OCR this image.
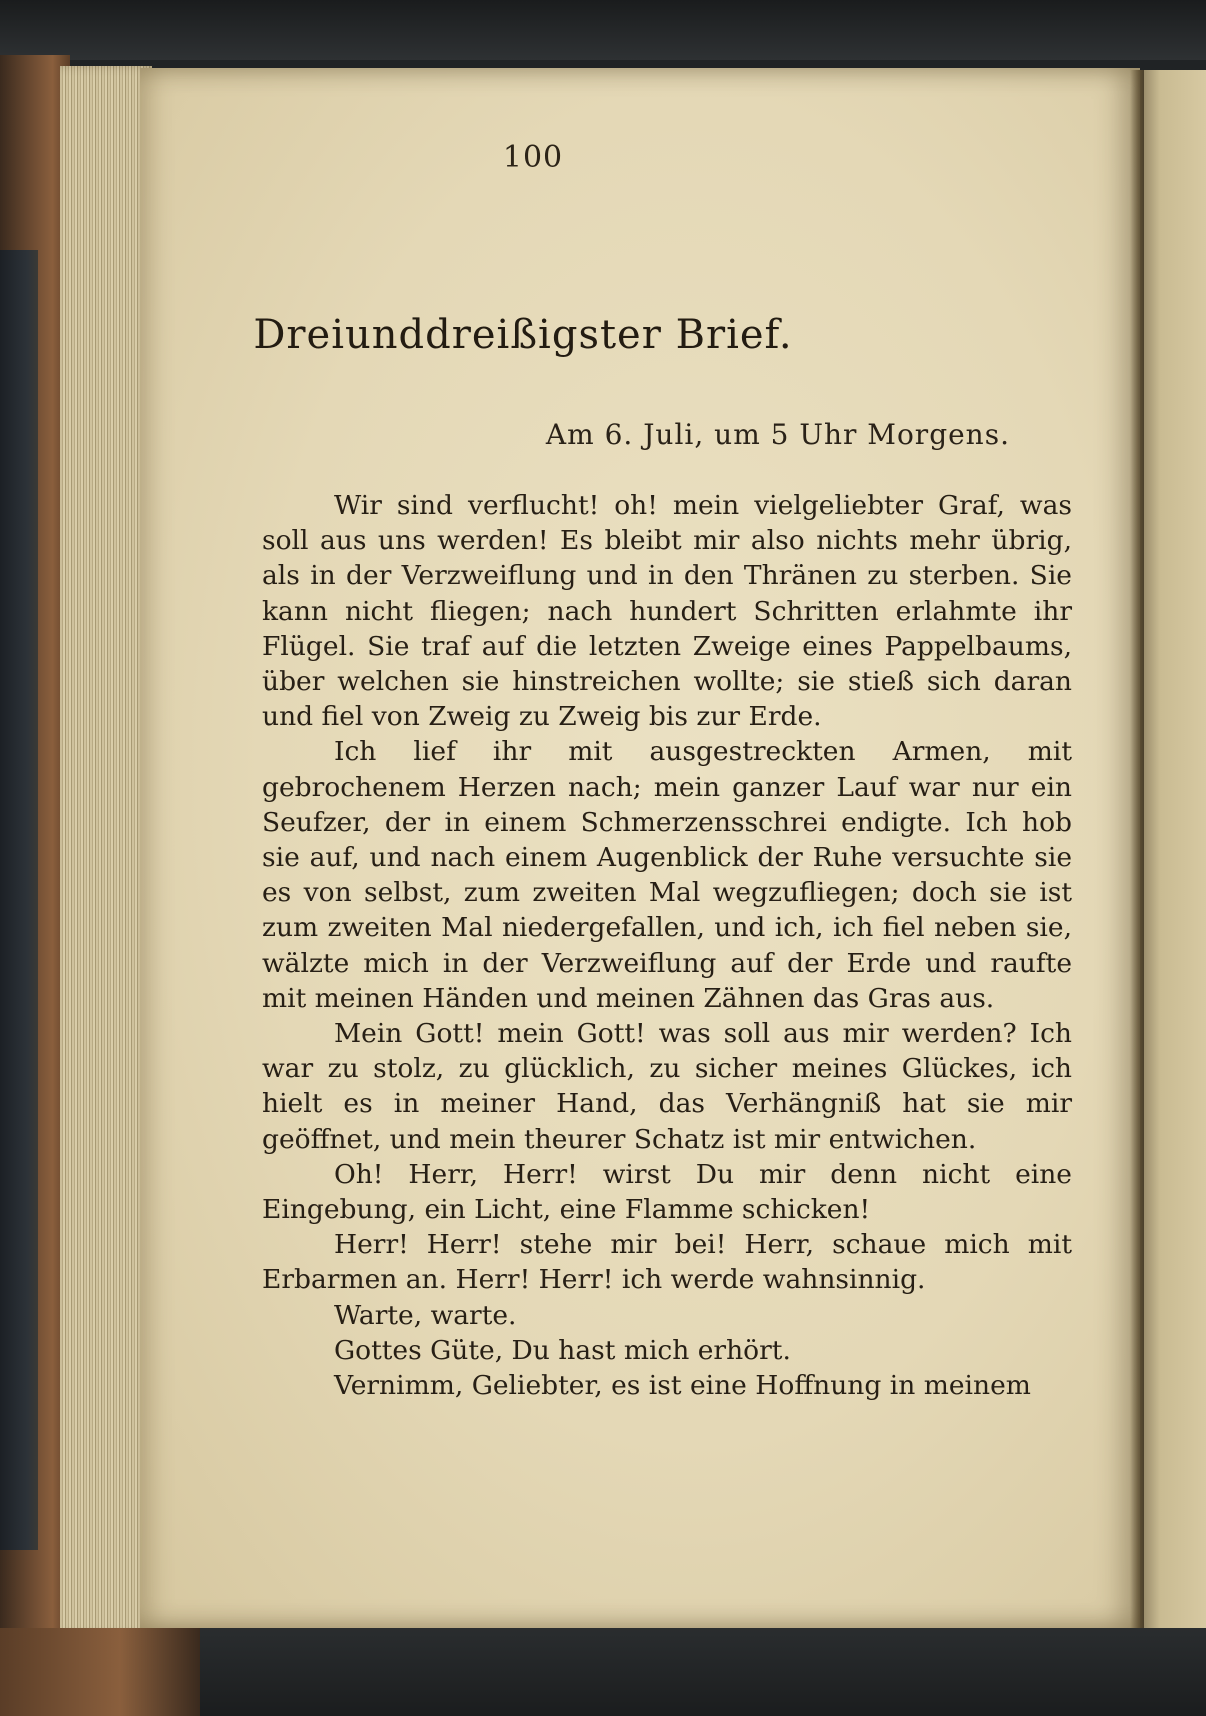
100
Dreiunddreißigster Brief.
Am 6. Juli, um 5 Uhr Morgens.

Wir sind verflucht! oh! mein vielgeliebter Graf, was soll aus uns werden! Es bleibt mir also nichts mehr übrig, als in der Verzweiflung und in den Thränen zu sterben. Sie kann nicht fliegen; nach hundert Schritten erlahmte ihr Flügel. Sie traf auf die letzten Zweige eines Pappelbaums, über welchen sie hinstreichen wollte; sie stieß sich daran und fiel von Zweig zu Zweig bis zur Erde.

Ich lief ihr mit ausgestreckten Armen, mit gebrochenem Herzen nach; mein ganzer Lauf war nur ein Seufzer, der in einem Schmerzensschrei endigte. Ich hob sie auf, und nach einem Augenblick der Ruhe versuchte sie es von selbst, zum zweiten Mal wegzufliegen; doch sie ist zum zweiten Mal niedergefallen, und ich, ich fiel neben sie, wälzte mich in der Verzweiflung auf der Erde und raufte mit meinen Händen und meinen Zähnen das Gras aus.

Mein Gott! mein Gott! was soll aus mir werden? Ich war zu stolz, zu glücklich, zu sicher meines Glückes, ich hielt es in meiner Hand, das Verhängniß hat sie mir geöffnet, und mein theurer Schatz ist mir entwichen.

Oh! Herr, Herr! wirst Du mir denn nicht eine Eingebung, ein Licht, eine Flamme schicken!

Herr! Herr! stehe mir bei! Herr, schaue mich mit Erbarmen an. Herr! Herr! ich werde wahnsinnig.

Warte, warte.

Gottes Güte, Du hast mich erhört.

Vernimm, Geliebter, es ist eine Hoffnung in meinem
